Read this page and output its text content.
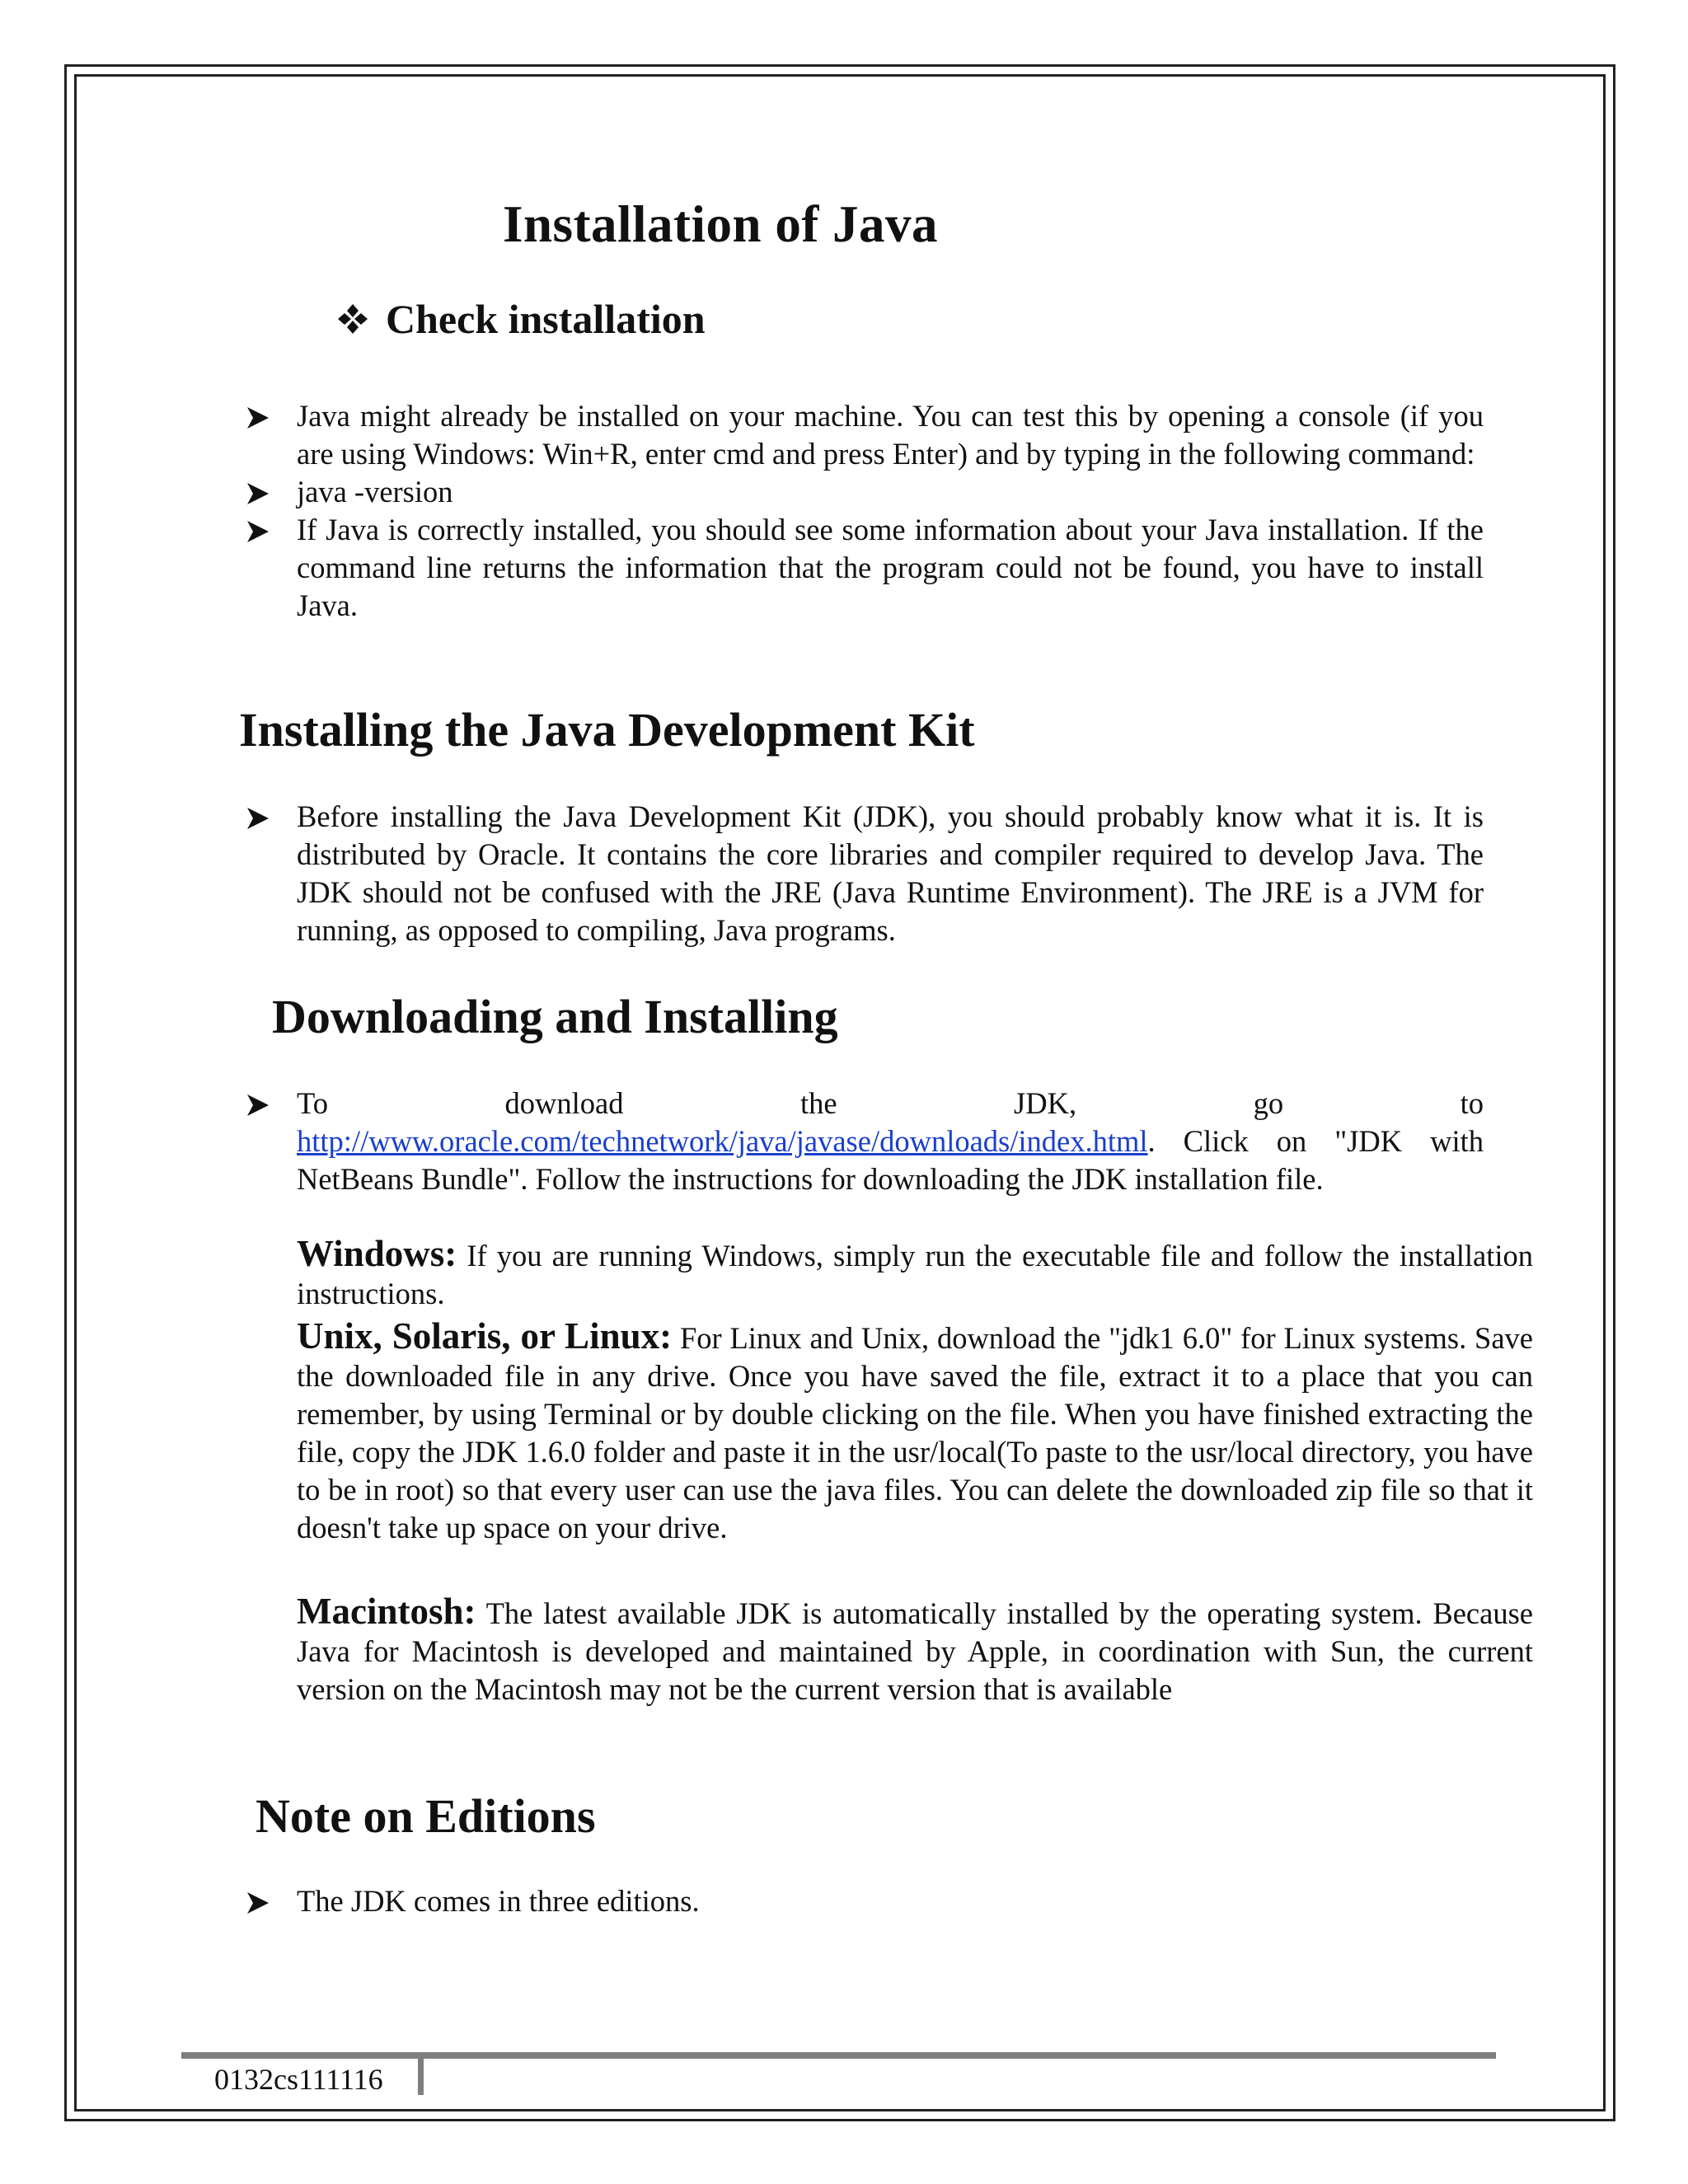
Installation of Java
Check installation
Java might already be installed on your machine. You can test this by opening a console (if you are using Windows: Win+R, enter cmd and press Enter) and by typing in the following command:
java -version
If Java is correctly installed, you should see some information about your Java installation. If the command line returns the information that the program could not be found, you have to install Java.
Installing the Java Development Kit
Before installing the Java Development Kit (JDK), you should probably know what it is. It is distributed by Oracle. It contains the core libraries and compiler required to develop Java. The JDK should not be confused with the JRE (Java Runtime Environment). The JRE is a JVM for running, as opposed to compiling, Java programs.
Downloading and Installing
To download the JDK, go to
http://www.oracle.com/technetwork/java/javase/downloads/index.html. Click on "JDK with NetBeans Bundle". Follow the instructions for downloading the JDK installation file.
Windows: If you are running Windows, simply run the executable file and follow the installation instructions.
Unix, Solaris, or Linux: For Linux and Unix, download the "jdk1 6.0" for Linux systems. Save the downloaded file in any drive. Once you have saved the file, extract it to a place that you can remember, by using Terminal or by double clicking on the file. When you have finished extracting the file, copy the JDK 1.6.0 folder and paste it in the usr/local(To paste to the usr/local directory, you have to be in root) so that every user can use the java files. You can delete the downloaded zip file so that it doesn't take up space on your drive.
Macintosh: The latest available JDK is automatically installed by the operating system. Because Java for Macintosh is developed and maintained by Apple, in coordination with Sun, the current version on the Macintosh may not be the current version that is available
Note on Editions
The JDK comes in three editions.
0132cs111116
